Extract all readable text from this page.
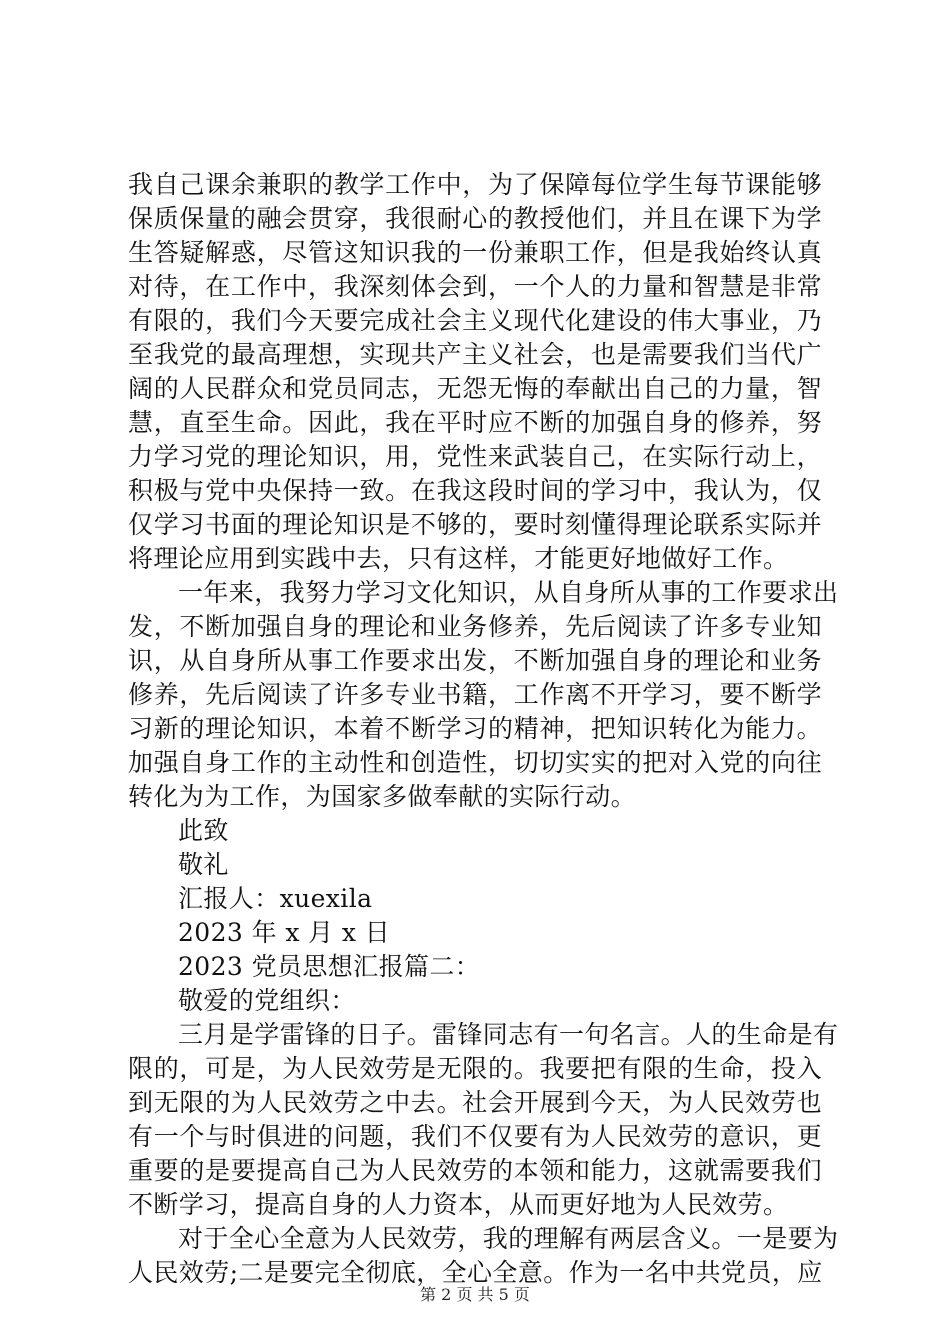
我自己课余兼职的教学工作中，为了保障每位学生每节课能够
保质保量的融会贯穿，我很耐心的教授他们，并且在课下为学
生答疑解惑，尽管这知识我的一份兼职工作，但是我始终认真
对待，在工作中，我深刻体会到，一个人的力量和智慧是非常
有限的，我们今天要完成社会主义现代化建设的伟大事业，乃
至我党的最高理想，实现共产主义社会，也是需要我们当代广
阔的人民群众和党员同志，无怨无悔的奉献出自己的力量，智
慧，直至生命。因此，我在平时应不断的加强自身的修养，努
力学习党的理论知识，用，党性来武装自己，在实际行动上，
积极与党中央保持一致。在我这段时间的学习中，我认为，仅
仅学习书面的理论知识是不够的，要时刻懂得理论联系实际并
将理论应用到实践中去，只有这样，才能更好地做好工作。
一年来，我努力学习文化知识，从自身所从事的工作要求出
发，不断加强自身的理论和业务修养，先后阅读了许多专业知
识，从自身所从事工作要求出发，不断加强自身的理论和业务
修养，先后阅读了许多专业书籍，工作离不开学习，要不断学
习新的理论知识，本着不断学习的精神，把知识转化为能力。
加强自身工作的主动性和创造性，切切实实的把对入党的向往
转化为为工作，为国家多做奉献的实际行动。
此致
敬礼
汇报人：xuexila
2023 年 x 月 x 日
2023 党员思想汇报篇二：
敬爱的党组织：
三月是学雷锋的日子。雷锋同志有一句名言。人的生命是有
限的，可是，为人民效劳是无限的。我要把有限的生命，投入
到无限的为人民效劳之中去。社会开展到今天，为人民效劳也
有一个与时俱进的问题，我们不仅要有为人民效劳的意识，更
重要的是要提高自己为人民效劳的本领和能力，这就需要我们
不断学习，提高自身的人力资本，从而更好地为人民效劳。
对于全心全意为人民效劳，我的理解有两层含义。一是要为
人民效劳;二是要完全彻底，全心全意。作为一名中共党员，应
第 2 页 共 5 页
